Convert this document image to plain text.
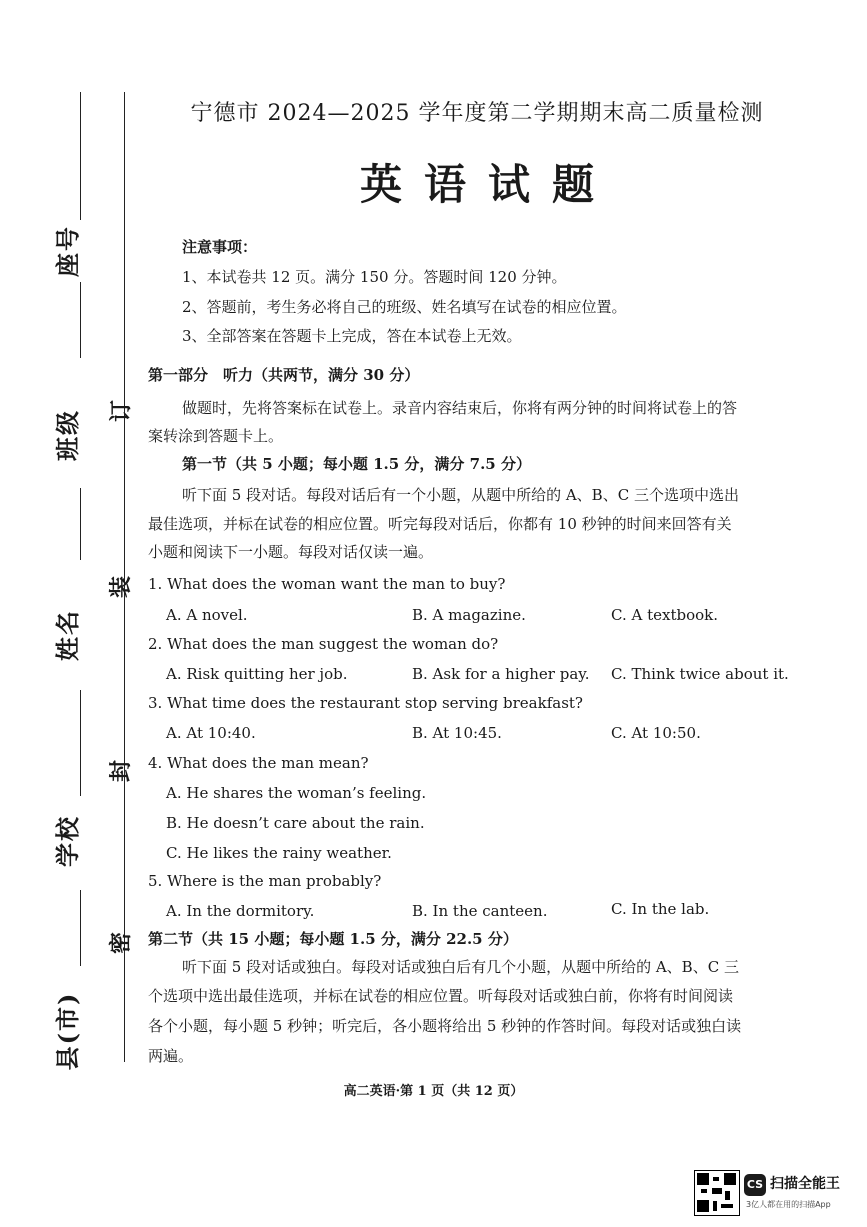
座号
班级
姓名
学校
县(市)
订
装
封
密
宁德市 2024—2025 学年度第二学期期末高二质量检测
英语试题
注意事项：
1、本试卷共 12 页。满分 150 分。答题时间 120 分钟。
2、答题前，考生务必将自己的班级、姓名填写在试卷的相应位置。
3、全部答案在答题卡上完成，答在本试卷上无效。
第一部分　听力（共两节，满分 30 分）
做题时，先将答案标在试卷上。录音内容结束后，你将有两分钟的时间将试卷上的答
案转涂到答题卡上。
第一节（共 5 小题；每小题 1.5 分，满分 7.5 分）
听下面 5 段对话。每段对话后有一个小题，从题中所给的 A、B、C 三个选项中选出
最佳选项，并标在试卷的相应位置。听完每段对话后，你都有 10 秒钟的时间来回答有关
小题和阅读下一小题。每段对话仅读一遍。
1. What does the woman want the man to buy?
A. A novel.	B. A magazine.	C. A textbook.
2. What does the man suggest the woman do?
A. Risk quitting her job.	B. Ask for a higher pay. C. Think twice about it.
3. What time does the restaurant stop serving breakfast?
A. At 10:40.	B. At 10:45.	C. At 10:50.
4. What does the man mean?
A. He shares the woman’s feeling.
B. He doesn’t care about the rain.
C. He likes the rainy weather.
5. Where is the man probably?
A. In the dormitory.	B. In the canteen.	C. In the lab.
第二节（共 15 小题；每小题 1.5 分，满分 22.5 分）
听下面 5 段对话或独白。每段对话或独白后有几个小题，从题中所给的 A、B、C 三
个选项中选出最佳选项，并标在试卷的相应位置。听每段对话或独白前，你将有时间阅读
各个小题，每小题 5 秒钟；听完后，各小题将给出 5 秒钟的作答时间。每段对话或独白读
两遍。
高二英语·第 1 页（共 12 页）
CS 扫描全能王
3亿人都在用的扫描App
